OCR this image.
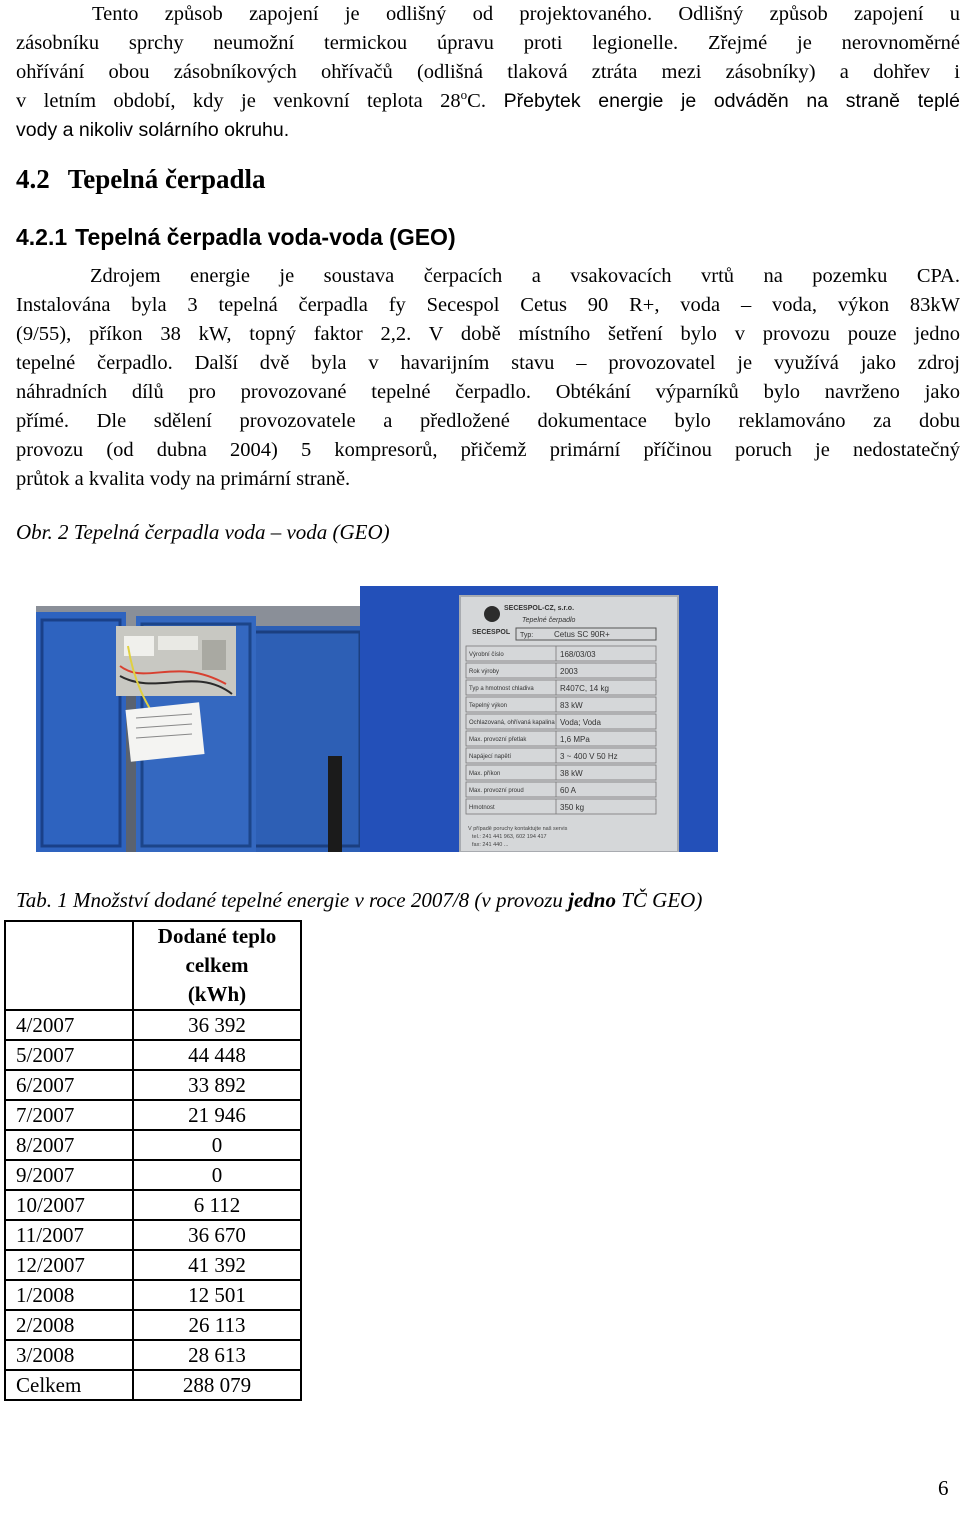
Tento způsob zapojení je odlišný od projektovaného. Odlišný způsob zapojení u
zásobníku sprchy neumožní termickou úpravu proti legionelle. Zřejmé je nerovnoměrné
ohřívání obou zásobníkových ohřívačů (odlišná tlaková ztráta mezi zásobníky) a dohřev i
v letním období, kdy je venkovní teplota 28$^o$C. Přebytek energie je odváděn na straně teplé
vody a nikoliv solárního okruhu.
4.2 Tepelná čerpadla
4.2.1 Tepelná čerpadla voda-voda (GEO)
Zdrojem energie je soustava čerpacích a vsakovacích vrtů na pozemku CPA.
Instalována byla 3 tepelná čerpadla fy Secespol Cetus 90 R+, voda – voda, výkon 83kW
(9/55), příkon 38 kW, topný faktor 2,2. V době místního šetření bylo v provozu pouze jedno
tepelné čerpadlo. Další dvě byla v havarijním stavu – provozovatel je využívá jako zdroj
náhradních dílů pro provozované tepelné čerpadlo. Obtékání výparníků bylo navrženo jako
přímé. Dle sdělení provozovatele a předložené dokumentace bylo reklamováno za dobu
provozu (od dubna 2004) 5 kompresorů, přičemž primární příčinou poruch je nedostatečný
průtok a kvalita vody na primární straně.
Obr. 2 Tepelná čerpadla voda – voda (GEO)
SECESPOL-CZ, s.r.o.
SECESPOL
Tepelné čerpadlo
Typ:	Cetus SC 90R+
Výrobní číslo	168/03/03
Rok výroby	2003
Typ a hmotnost chladiva	R407C, 14 kg
Tepelný výkon	83 kW
Ochlazovaná, ohřívaná kapalina Voda; Voda
Max. provozní přetlak	1,6 MPa
Napájecí napětí	3 ~ 400 V 50 Hz
Max. příkon	38 kW
Max. provozní proud	60 A
Hmotnost	350 kg
V případě poruchy kontaktujte naš servis
tel.: 241 441 963, 602 194 417
fax: 241 440 ...
Tab. 1 Množství dodané tepelné energie v roce 2007/8 (v provozu jedno TČ GEO)

	Dodané teplo
celkem
(kWh)

4/2007	36 392
5/2007	44 448
6/2007	33 892
7/2007	21 946
8/2007	0
9/2007	0
10/2007	6 112
11/2007	36 670
12/2007	41 392
1/2008	12 501
2/2008	26 113
3/2008	28 613
Celkem	288 079
6
